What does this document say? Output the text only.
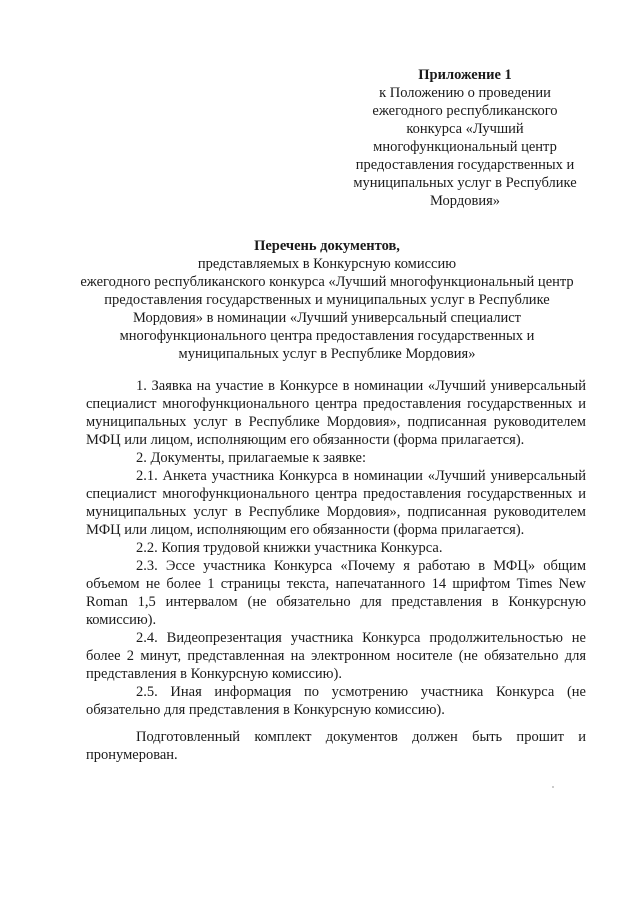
Приложение 1
к Положению о проведении
ежегодного республиканского
конкурса «Лучший
многофункциональный центр
предоставления государственных и
муниципальных услуг в Республике
Мордовия»
Перечень документов,
представляемых в Конкурсную комиссию
ежегодного республиканского конкурса «Лучший многофункциональный центр
предоставления государственных и муниципальных услуг в Республике
Мордовия» в номинации «Лучший универсальный специалист
многофункционального центра предоставления государственных и
муниципальных услуг в Республике Мордовия»

1. Заявка на участие в Конкурсе в номинации «Лучший универсальный специалист многофункционального центра предоставления государственных и муниципальных услуг в Республике Мордовия», подписанная руководителем МФЦ или лицом, исполняющим его обязанности (форма прилагается).

2. Документы, прилагаемые к заявке:

2.1. Анкета участника Конкурса в номинации «Лучший универсальный специалист многофункционального центра предоставления государственных и муниципальных услуг в Республике Мордовия», подписанная руководителем МФЦ или лицом, исполняющим его обязанности (форма прилагается).

2.2. Копия трудовой книжки участника Конкурса.

2.3. Эссе участника Конкурса «Почему я работаю в МФЦ» общим объемом не более 1 страницы текста, напечатанного 14 шрифтом Times New Roman 1,5 интервалом (не обязательно для представления в Конкурсную комиссию).

2.4. Видеопрезентация участника Конкурса продолжительностью не более 2 минут, представленная на электронном носителе (не обязательно для представления в Конкурсную комиссию).

2.5. Иная информация по усмотрению участника Конкурса (не обязательно для представления в Конкурсную комиссию).

Подготовленный комплект документов должен быть прошит и пронумерован.
